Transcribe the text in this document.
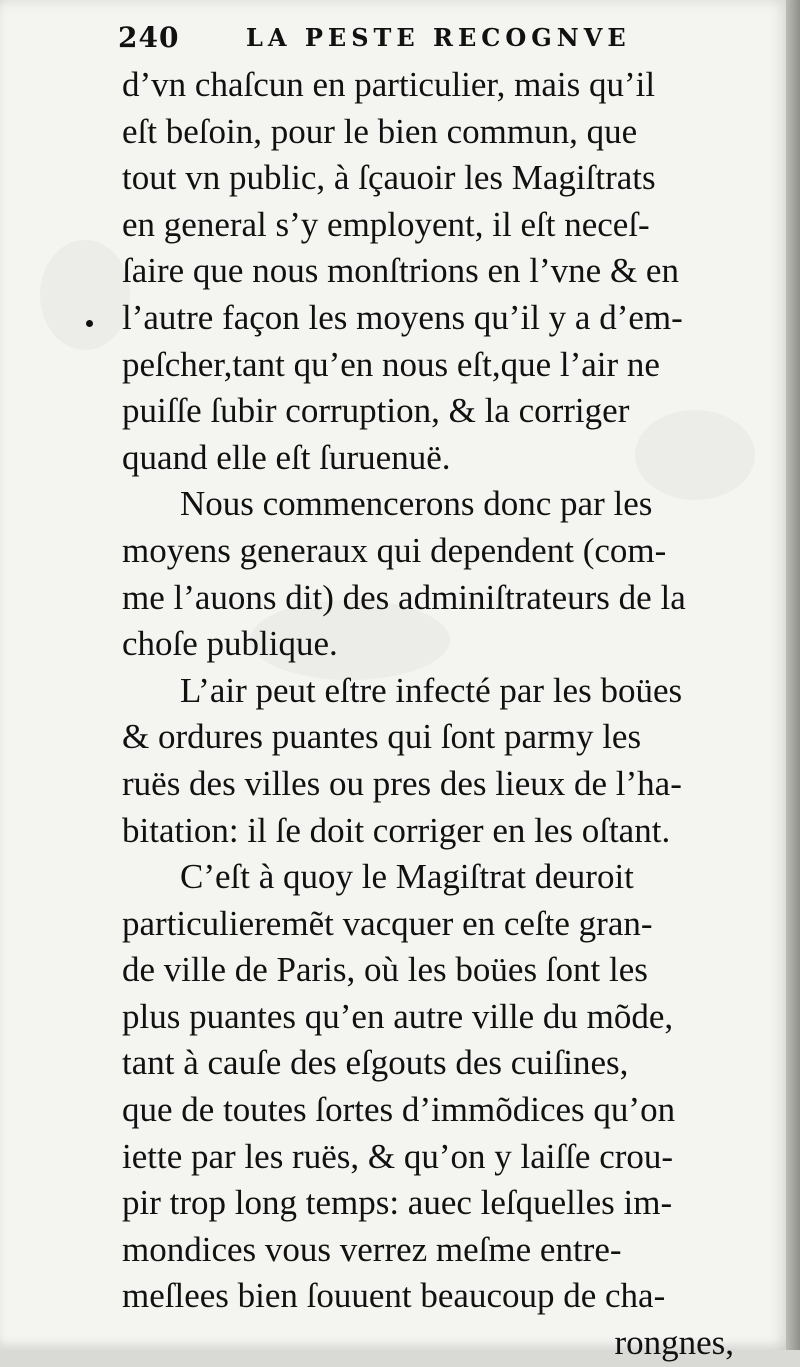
240	LA PESTE RECOGNVE
d’vn chaſcun en particulier, mais qu’il
eſt beſoin, pour le bien commun, que
tout vn public, à ſçauoir les Magiſtrats
en general s’y employent, il eſt neceſ-
ſaire que nous monſtrions en l’vne & en
l’autre façon les moyens qu’il y a d’em-
peſcher,tant qu’en nous eſt,que l’air ne
puiſſe ſubir corruption, & la corriger
quand elle eſt ſuruenuë.
Nous commencerons donc par les
moyens generaux qui dependent (com-
me l’auons dit) des adminiſtrateurs de la
choſe publique.
L’air peut eſtre infecté par les boües
& ordures puantes qui ſont parmy les
ruës des villes ou pres des lieux de l’ha-
bitation: il ſe doit corriger en les oſtant.
C’eſt à quoy le Magiſtrat deuroit
particulieremẽt vacquer en ceſte gran-
de ville de Paris, où les boües ſont les
plus puantes qu’en autre ville du mõde,
tant à cauſe des eſgouts des cuiſines,
que de toutes ſortes d’immõdices qu’on
iette par les ruës, & qu’on y laiſſe crou-
pir trop long temps: auec leſquelles im-
mondices vous verrez meſme entre-
meſlees bien ſouuent beaucoup de cha-
rongnes,
